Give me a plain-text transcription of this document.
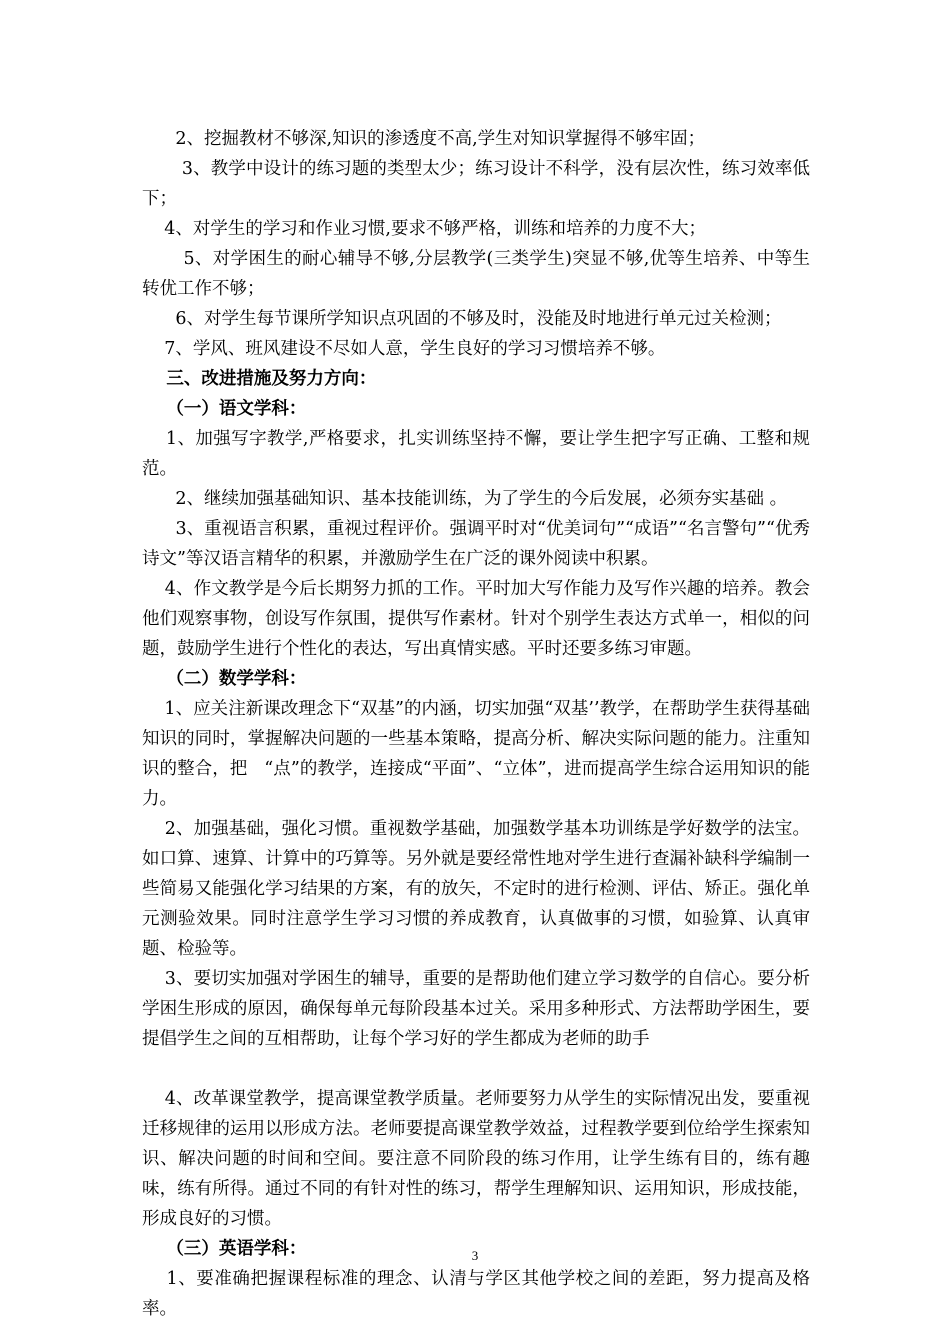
2、挖掘教材不够深,知识的渗透度不高,学生对知识掌握得不够牢固；

3、教学中设计的练习题的类型太少；练习设计不科学，没有层次性，练习效率低下；

4、对学生的学习和作业习惯,要求不够严格，训练和培养的力度不大；

5、对学困生的耐心辅导不够,分层教学(三类学生)突显不够,优等生培养、中等生转优工作不够；

6、对学生每节课所学知识点巩固的不够及时，没能及时地进行单元过关检测；

7、学风、班风建设不尽如人意，学生良好的学习习惯培养不够。

三、改进措施及努力方向：

（一）语文学科：

1、加强写字教学,严格要求，扎实训练坚持不懈，要让学生把字写正确、工整和规范。

2、继续加强基础知识、基本技能训练，为了学生的今后发展，必须夯实基础 。

3、重视语言积累，重视过程评价。强调平时对“优美词句”“成语”“名言警句”“优秀诗文”等汉语言精华的积累，并激励学生在广泛的课外阅读中积累。

4、作文教学是今后长期努力抓的工作。平时加大写作能力及写作兴趣的培养。教会他们观察事物，创设写作氛围，提供写作素材。针对个别学生表达方式单一，相似的问题，鼓励学生进行个性化的表达，写出真情实感。平时还要多练习审题。

（二）数学学科：

1、应关注新课改理念下“双基”的内涵，切实加强“双基’’教学，在帮助学生获得基础知识的同时，掌握解决问题的一些基本策略，提高分析、解决实际问题的能力。注重知识的整合，把   “点”的教学，连接成“平面”、“立体”，进而提高学生综合运用知识的能力。

2、加强基础，强化习惯。重视数学基础，加强数学基本功训练是学好数学的法宝。如口算、速算、计算中的巧算等。另外就是要经常性地对学生进行查漏补缺科学编制一些简易又能强化学习结果的方案，有的放矢，不定时的进行检测、评估、矫正。强化单元测验效果。同时注意学生学习习惯的养成教育，认真做事的习惯，如验算、认真审题、检验等。

3、要切实加强对学困生的辅导，重要的是帮助他们建立学习数学的自信心。要分析学困生形成的原因，确保每单元每阶段基本过关。采用多种形式、方法帮助学困生，要提倡学生之间的互相帮助，让每个学习好的学生都成为老师的助手

4、改革课堂教学，提高课堂教学质量。老师要努力从学生的实际情况出发，要重视迁移规律的运用以形成方法。老师要提高课堂教学效益，过程教学要到位给学生探索知识、解决问题的时间和空间。要注意不同阶段的练习作用，让学生练有目的，练有趣味，练有所得。通过不同的有针对性的练习，帮学生理解知识、运用知识，形成技能，形成良好的习惯。

（三）英语学科：

1、要准确把握课程标准的理念、认清与学区其他学校之间的差距，努力提高及格率。

3
